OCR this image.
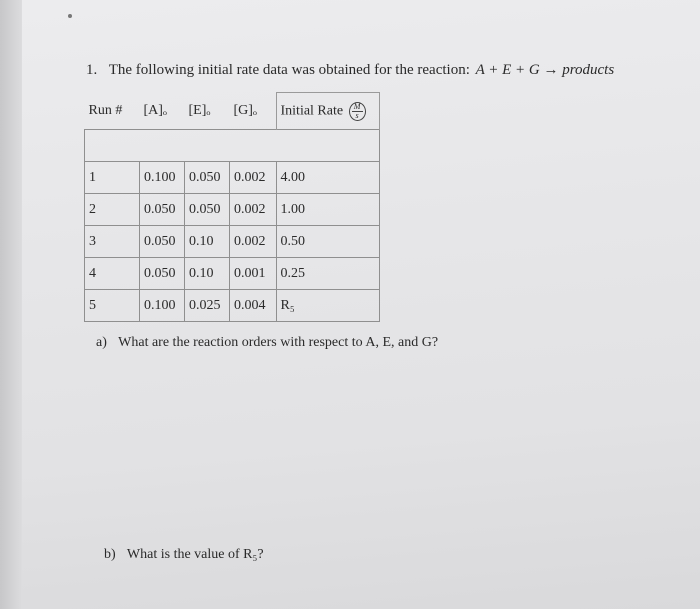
1. The following initial rate data was obtained for the reaction: A + E + G → products
Run #	[A]ₒ	[E]ₒ	[G]ₒ	Initial Rate $\frac{M}{s}$

1	0.100	0.050	0.002	4.00
2	0.050	0.050	0.002	1.00
3	0.050	0.10	0.002	0.50
4	0.050	0.10	0.001	0.25
5	0.100	0.025	0.004	R₅
a) What are the reaction orders with respect to A, E, and G?
b) What is the value of R₅?
